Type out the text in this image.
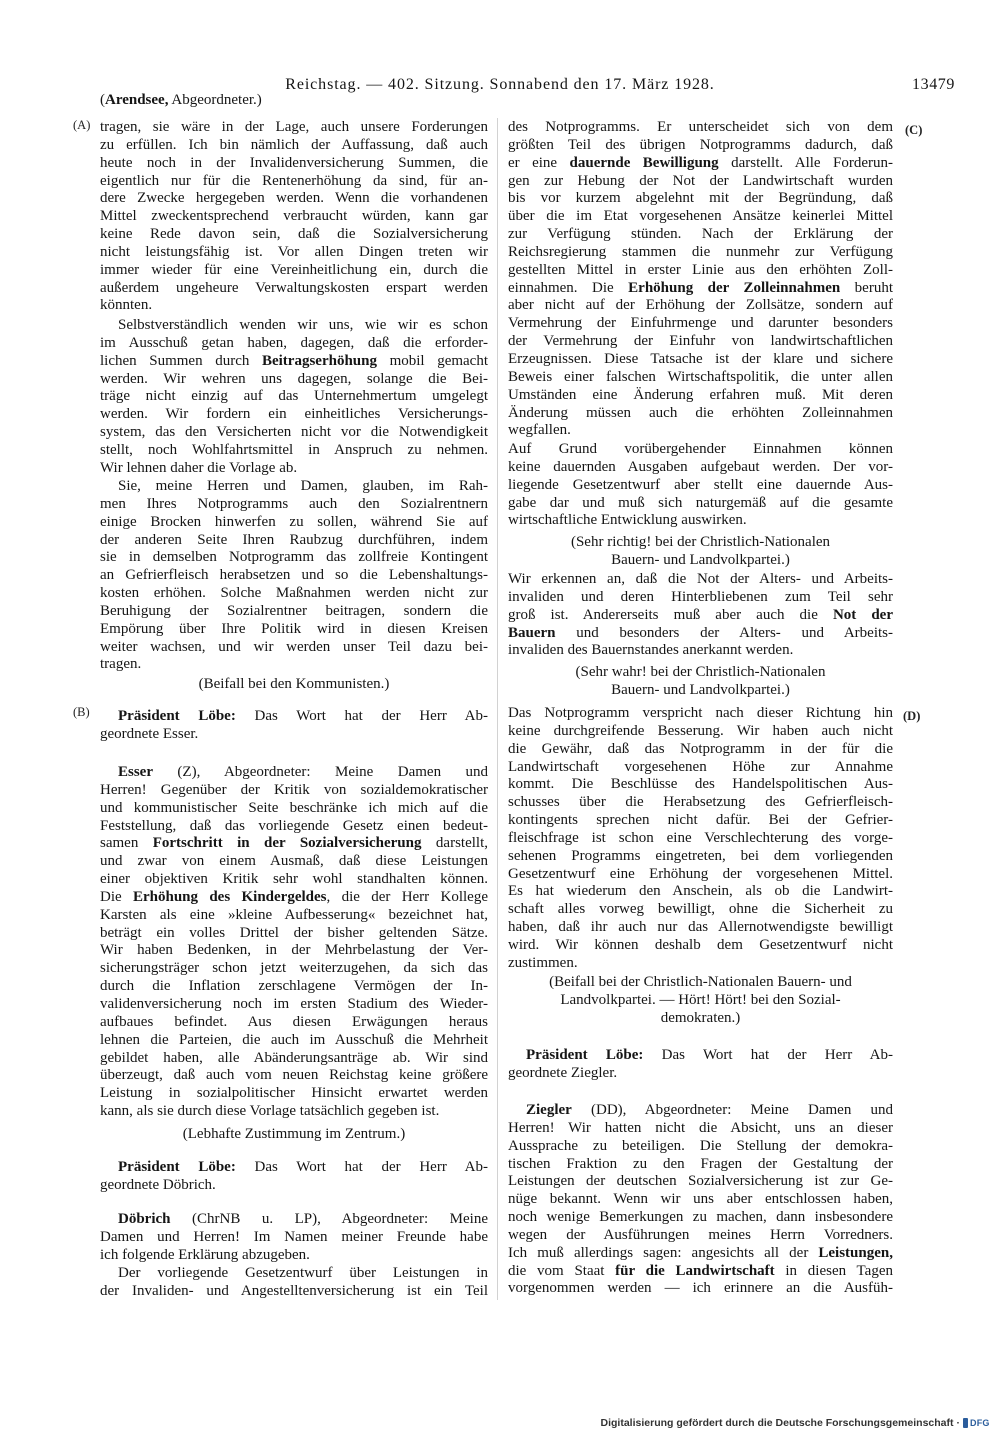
Reichstag. — 402. Sitzung. Sonnabend den 17. März 1928.	13479
(A)
(B)
(C)
(D)
(Arendsee, Abgeordneter.)
tragen, sie wäre in der Lage, auch unsere Forderungen
zu erfüllen. Ich bin nämlich der Auffassung, daß auch
heute noch in der Invalidenversicherung Summen, die
eigentlich nur für die Rentenerhöhung da sind, für an-
dere Zwecke hergegeben werden. Wenn die vorhandenen
Mittel zweckentsprechend verbraucht würden, kann gar
keine Rede davon sein, daß die Sozialversicherung
nicht leistungsfähig ist. Vor allen Dingen treten wir
immer wieder für eine Vereinheitlichung ein, durch die
außerdem ungeheure Verwaltungskosten erspart werden
könnten.
Selbstverständlich wenden wir uns, wie wir es schon
im Ausschuß getan haben, dagegen, daß die erforder-
lichen Summen durch Beitragserhöhung mobil gemacht
werden. Wir wehren uns dagegen, solange die Bei-
träge nicht einzig auf das Unternehmertum umgelegt
werden. Wir fordern ein einheitliches Versicherungs-
system, das den Versicherten nicht vor die Notwendigkeit
stellt, noch Wohlfahrtsmittel in Anspruch zu nehmen.
Wir lehnen daher die Vorlage ab.
Sie, meine Herren und Damen, glauben, im Rah-
men Ihres Notprogramms auch den Sozialrentnern
einige Brocken hinwerfen zu sollen, während Sie auf
der anderen Seite Ihren Raubzug durchführen, indem
sie in demselben Notprogramm das zollfreie Kontingent
an Gefrierfleisch herabsetzen und so die Lebenshaltungs-
kosten erhöhen. Solche Maßnahmen werden nicht zur
Beruhigung der Sozialrentner beitragen, sondern die
Empörung über Ihre Politik wird in diesen Kreisen
weiter wachsen, und wir werden unser Teil dazu bei-
tragen.
(Beifall bei den Kommunisten.)
Präsident Löbe: Das Wort hat der Herr Ab-
geordnete Esser.
Esser (Z), Abgeordneter: Meine Damen und
Herren! Gegenüber der Kritik von sozialdemokratischer
und kommunistischer Seite beschränke ich mich auf die
Feststellung, daß das vorliegende Gesetz einen bedeut-
samen Fortschritt in der Sozialversicherung darstellt,
und zwar von einem Ausmaß, daß diese Leistungen
einer objektiven Kritik sehr wohl standhalten können.
Die Erhöhung des Kindergeldes, die der Herr Kollege
Karsten als eine »kleine Aufbesserung« bezeichnet hat,
beträgt ein volles Drittel der bisher geltenden Sätze.
Wir haben Bedenken, in der Mehrbelastung der Ver-
sicherungsträger schon jetzt weiterzugehen, da sich das
durch die Inflation zerschlagene Vermögen der In-
validenversicherung noch im ersten Stadium des Wieder-
aufbaues befindet. Aus diesen Erwägungen heraus
lehnen die Parteien, die auch im Ausschuß die Mehrheit
gebildet haben, alle Abänderungsanträge ab. Wir sind
überzeugt, daß auch vom neuen Reichstag keine größere
Leistung in sozialpolitischer Hinsicht erwartet werden
kann, als sie durch diese Vorlage tatsächlich gegeben ist.
(Lebhafte Zustimmung im Zentrum.)
Präsident Löbe: Das Wort hat der Herr Ab-
geordnete Döbrich.
Döbrich (ChrNB u. LP), Abgeordneter: Meine
Damen und Herren! Im Namen meiner Freunde habe
ich folgende Erklärung abzugeben.
Der vorliegende Gesetzentwurf über Leistungen in
der Invaliden- und Angestelltenversicherung ist ein Teil
des Notprogramms. Er unterscheidet sich von dem
größten Teil des übrigen Notprogramms dadurch, daß
er eine dauernde Bewilligung darstellt. Alle Forderun-
gen zur Hebung der Not der Landwirtschaft wurden
bis vor kurzem abgelehnt mit der Begründung, daß
über die im Etat vorgesehenen Ansätze keinerlei Mittel
zur Verfügung stünden. Nach der Erklärung der
Reichsregierung stammen die nunmehr zur Verfügung
gestellten Mittel in erster Linie aus den erhöhten Zoll-
einnahmen. Die Erhöhung der Zolleinnahmen beruht
aber nicht auf der Erhöhung der Zollsätze, sondern auf
Vermehrung der Einfuhrmenge und darunter besonders
der Vermehrung der Einfuhr von landwirtschaftlichen
Erzeugnissen. Diese Tatsache ist der klare und sichere
Beweis einer falschen Wirtschaftspolitik, die unter allen
Umständen eine Änderung erfahren muß. Mit deren
Änderung müssen auch die erhöhten Zolleinnahmen
wegfallen.
Auf Grund vorübergehender Einnahmen können
keine dauernden Ausgaben aufgebaut werden. Der vor-
liegende Gesetzentwurf aber stellt eine dauernde Aus-
gabe dar und muß sich naturgemäß auf die gesamte
wirtschaftliche Entwicklung auswirken.
(Sehr richtig! bei der Christlich-Nationalen
Bauern- und Landvolkpartei.)
Wir erkennen an, daß die Not der Alters- und Arbeits-
invaliden und deren Hinterbliebenen zum Teil sehr
groß ist. Andererseits muß aber auch die Not der
Bauern und besonders der Alters- und Arbeits-
invaliden des Bauernstandes anerkannt werden.
(Sehr wahr! bei der Christlich-Nationalen
Bauern- und Landvolkpartei.)
Das Notprogramm verspricht nach dieser Richtung hin
keine durchgreifende Besserung. Wir haben auch nicht
die Gewähr, daß das Notprogramm in der für die
Landwirtschaft vorgesehenen Höhe zur Annahme
kommt. Die Beschlüsse des Handelspolitischen Aus-
schusses über die Herabsetzung des Gefrierfleisch-
kontingents sprechen nicht dafür. Bei der Gefrier-
fleischfrage ist schon eine Verschlechterung des vorge-
sehenen Programms eingetreten, bei dem vorliegenden
Gesetzentwurf eine Erhöhung der vorgesehenen Mittel.
Es hat wiederum den Anschein, als ob die Landwirt-
schaft alles vorweg bewilligt, ohne die Sicherheit zu
haben, daß ihr auch nur das Allernotwendigste bewilligt
wird. Wir können deshalb dem Gesetzentwurf nicht
zustimmen.
(Beifall bei der Christlich-Nationalen Bauern- und
Landvolkpartei. — Hört! Hört! bei den Sozial-
demokraten.)
Präsident Löbe: Das Wort hat der Herr Ab-
geordnete Ziegler.
Ziegler (DD), Abgeordneter: Meine Damen und
Herren! Wir hatten nicht die Absicht, uns an dieser
Aussprache zu beteiligen. Die Stellung der demokra-
tischen Fraktion zu den Fragen der Gestaltung der
Leistungen der deutschen Sozialversicherung ist zur Ge-
nüge bekannt. Wenn wir uns aber entschlossen haben,
noch wenige Bemerkungen zu machen, dann insbesondere
wegen der Ausführungen meines Herrn Vorredners.
Ich muß allerdings sagen: angesichts all der Leistungen,
die vom Staat für die Landwirtschaft in diesen Tagen
vorgenommen werden — ich erinnere an die Ausfüh-
Digitalisierung gefördert durch die Deutsche Forschungsgemeinschaft · DFG
